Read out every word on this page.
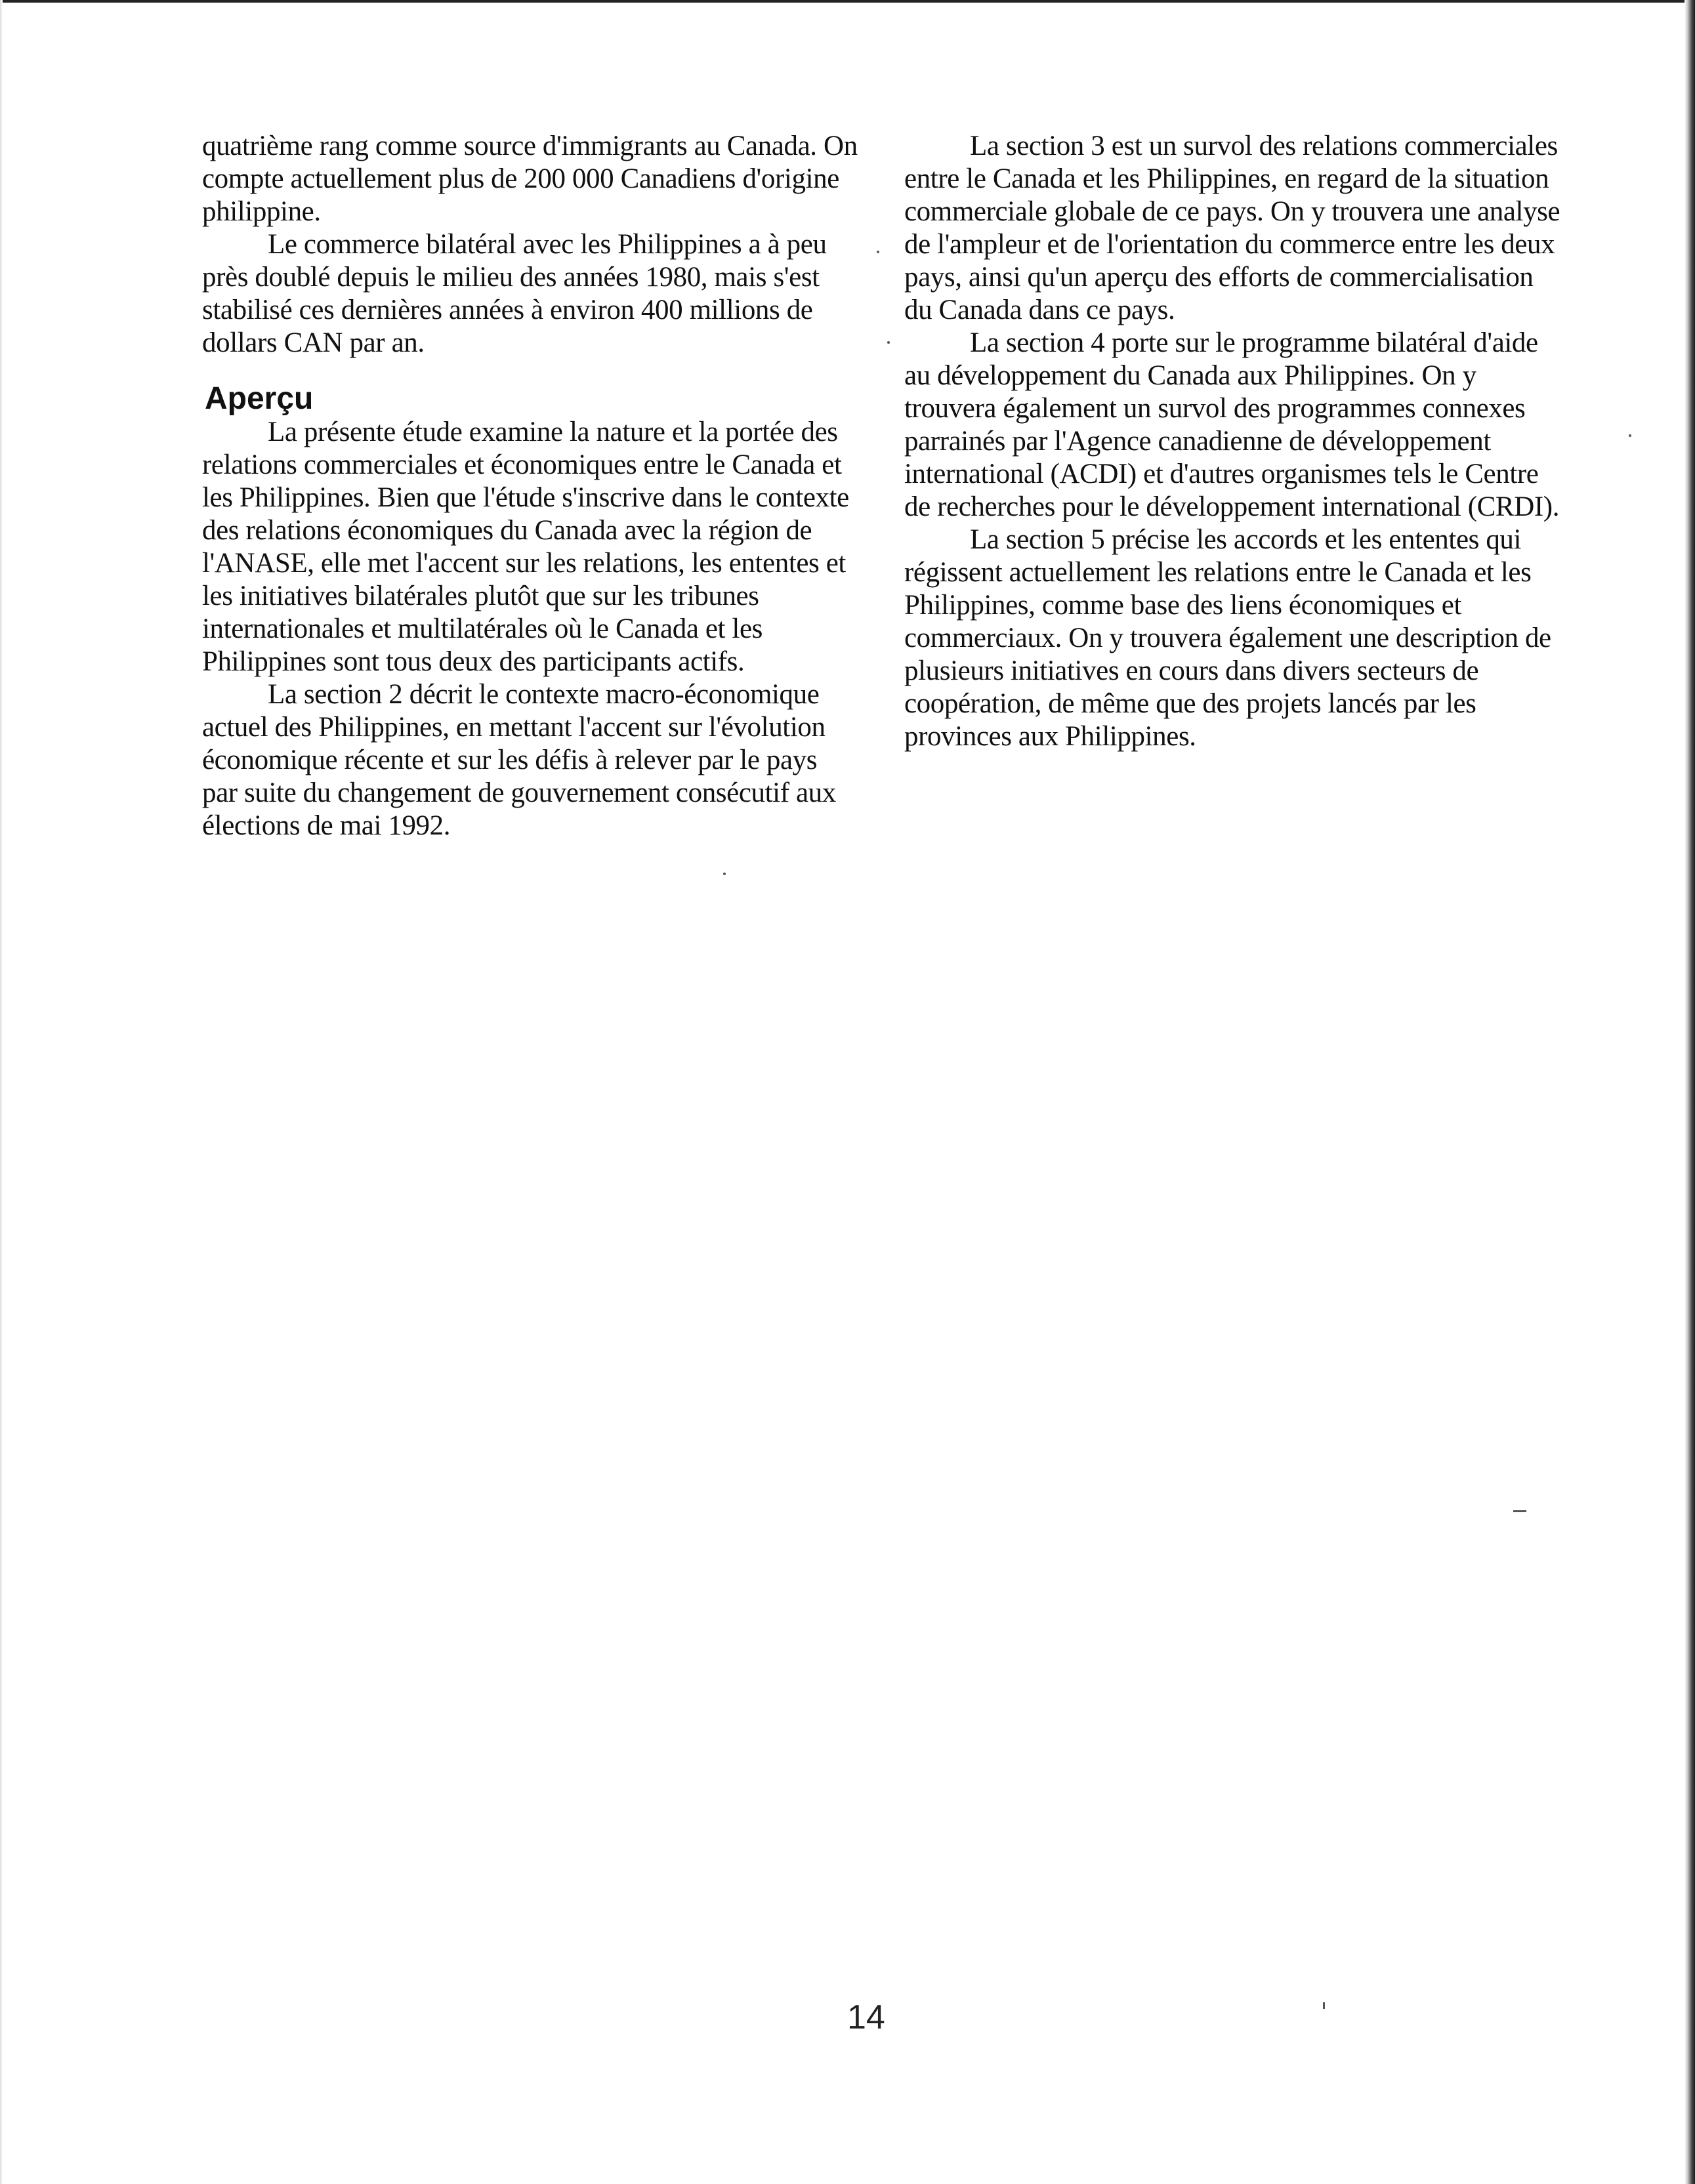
quatrième rang comme source d'immigrants au Canada. On compte actuellement plus de 200 000 Canadiens d'origine philippine.

Le commerce bilatéral avec les Philippines a à peu près doublé depuis le milieu des années 1980, mais s'est stabilisé ces dernières années à environ 400 millions de dollars CAN par an.

Aperçu

La présente étude examine la nature et la portée des relations commerciales et économiques entre le Canada et les Philippines. Bien que l'étude s'inscrive dans le contexte des relations économiques du Canada avec la région de l'ANASE, elle met l'accent sur les relations, les ententes et les initiatives bilatérales plutôt que sur les tribunes internationales et multilatérales où le Canada et les Philippines sont tous deux des participants actifs.

La section 2 décrit le contexte macro-économique actuel des Philippines, en mettant l'accent sur l'évolution économique récente et sur les défis à relever par le pays par suite du changement de gouvernement consécutif aux élections de mai 1992.

La section 3 est un survol des relations commerciales entre le Canada et les Philippines, en regard de la situation commerciale globale de ce pays. On y trouvera une analyse de l'ampleur et de l'orientation du commerce entre les deux pays, ainsi qu'un aperçu des efforts de commercialisation du Canada dans ce pays.

La section 4 porte sur le programme bilatéral d'aide au développement du Canada aux Philippines. On y trouvera également un survol des programmes connexes parrainés par l'Agence canadienne de développement international (ACDI) et d'autres organismes tels le Centre de recherches pour le développement international (CRDI).

La section 5 précise les accords et les ententes qui régissent actuellement les relations entre le Canada et les Philippines, comme base des liens économiques et commerciaux. On y trouvera également une description de plusieurs initiatives en cours dans divers secteurs de coopération, de même que des projets lancés par les provinces aux Philippines.

14
